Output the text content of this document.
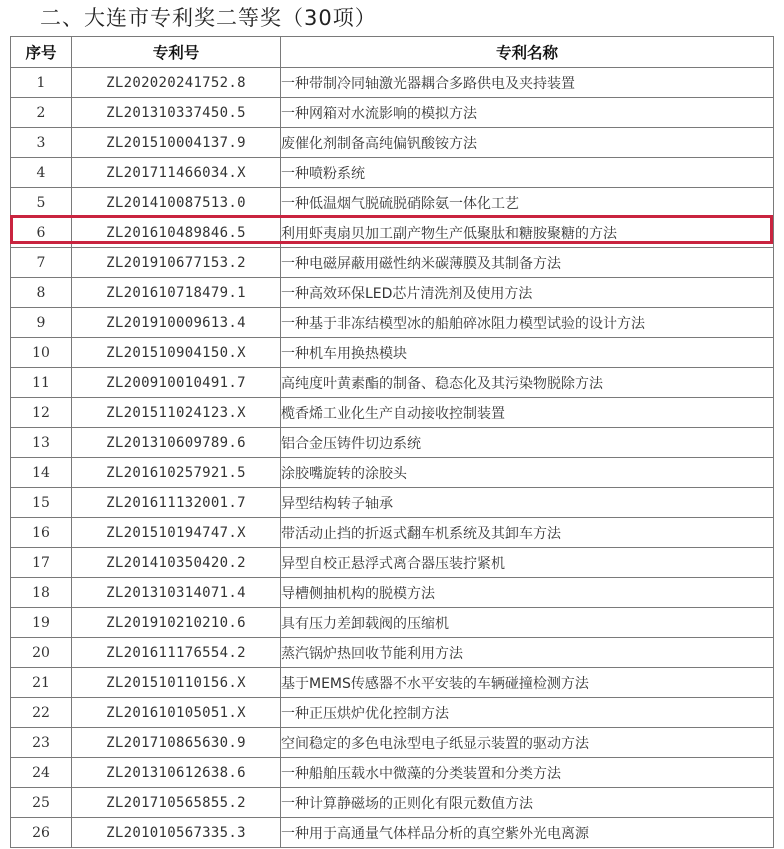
二、大连市专利奖二等奖（30项）
序号	专利号	专利名称
1	ZL202020241752.8	一种带制冷同轴激光器耦合多路供电及夹持装置
2	ZL201310337450.5	一种网箱对水流影响的模拟方法
3	ZL201510004137.9	废催化剂制备高纯偏钒酸铵方法
4	ZL201711466034.X	一种喷粉系统
5	ZL201410087513.0	一种低温烟气脱硫脱硝除氨一体化工艺
6	ZL201610489846.5	利用虾夷扇贝加工副产物生产低聚肽和糖胺聚糖的方法
7	ZL201910677153.2	一种电磁屏蔽用磁性纳米碳薄膜及其制备方法
8	ZL201610718479.1	一种高效环保LED芯片清洗剂及使用方法
9	ZL201910009613.4	一种基于非冻结模型冰的船舶碎冰阻力模型试验的设计方法
10	ZL201510904150.X	一种机车用换热模块
11	ZL200910010491.7	高纯度叶黄素酯的制备、稳态化及其污染物脱除方法
12	ZL201511024123.X	榄香烯工业化生产自动接收控制装置
13	ZL201310609789.6	铝合金压铸件切边系统
14	ZL201610257921.5	涂胶嘴旋转的涂胶头
15	ZL201611132001.7	异型结构转子轴承
16	ZL201510194747.X	带活动止挡的折返式翻车机系统及其卸车方法
17	ZL201410350420.2	异型自校正悬浮式离合器压装拧紧机
18	ZL201310314071.4	导槽侧抽机构的脱模方法
19	ZL201910210210.6	具有压力差卸载阀的压缩机
20	ZL201611176554.2	蒸汽锅炉热回收节能利用方法
21	ZL201510110156.X	基于MEMS传感器不水平安装的车辆碰撞检测方法
22	ZL201610105051.X	一种正压烘炉优化控制方法
23	ZL201710865630.9	空间稳定的多色电泳型电子纸显示装置的驱动方法
24	ZL201310612638.6	一种船舶压载水中微藻的分类装置和分类方法
25	ZL201710565855.2	一种计算静磁场的正则化有限元数值方法
26	ZL201010567335.3	一种用于高通量气体样品分析的真空紫外光电离源
